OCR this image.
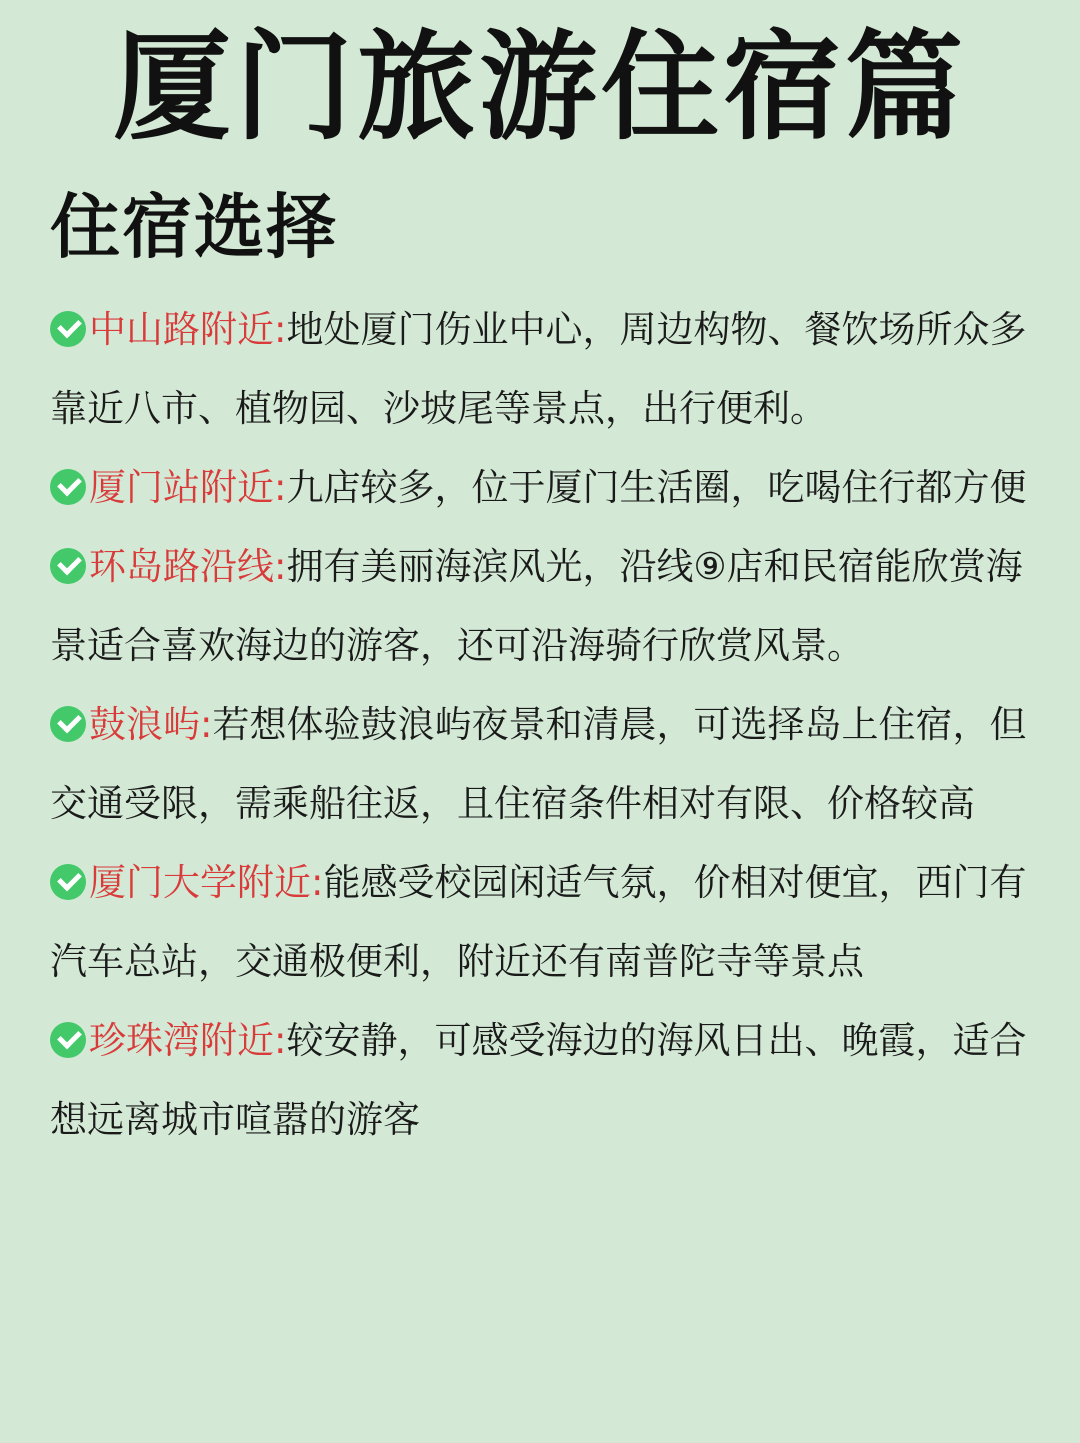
厦门旅游住宿篇
住宿选择
中山路附近:地处厦门伤业中心，周边构物、餐饮场所众多靠近八市、植物园、沙坡尾等景点，出行便利。
厦门站附近:九店较多，位于厦门生活圈，吃喝住行都方便
环岛路沿线:拥有美丽海滨风光，沿线⑨店和民宿能欣赏海景适合喜欢海边的游客，还可沿海骑行欣赏风景。
鼓浪屿:若想体验鼓浪屿夜景和清晨，可选择岛上住宿，但交通受限，需乘船往返，且住宿条件相对有限、价格较高
厦门大学附近:能感受校园闲适气氛，价相对便宜，西门有汽车总站，交通极便利，附近还有南普陀寺等景点
珍珠湾附近:较安静，可感受海边的海风日出、晚霞，适合想远离城市喧嚣的游客
